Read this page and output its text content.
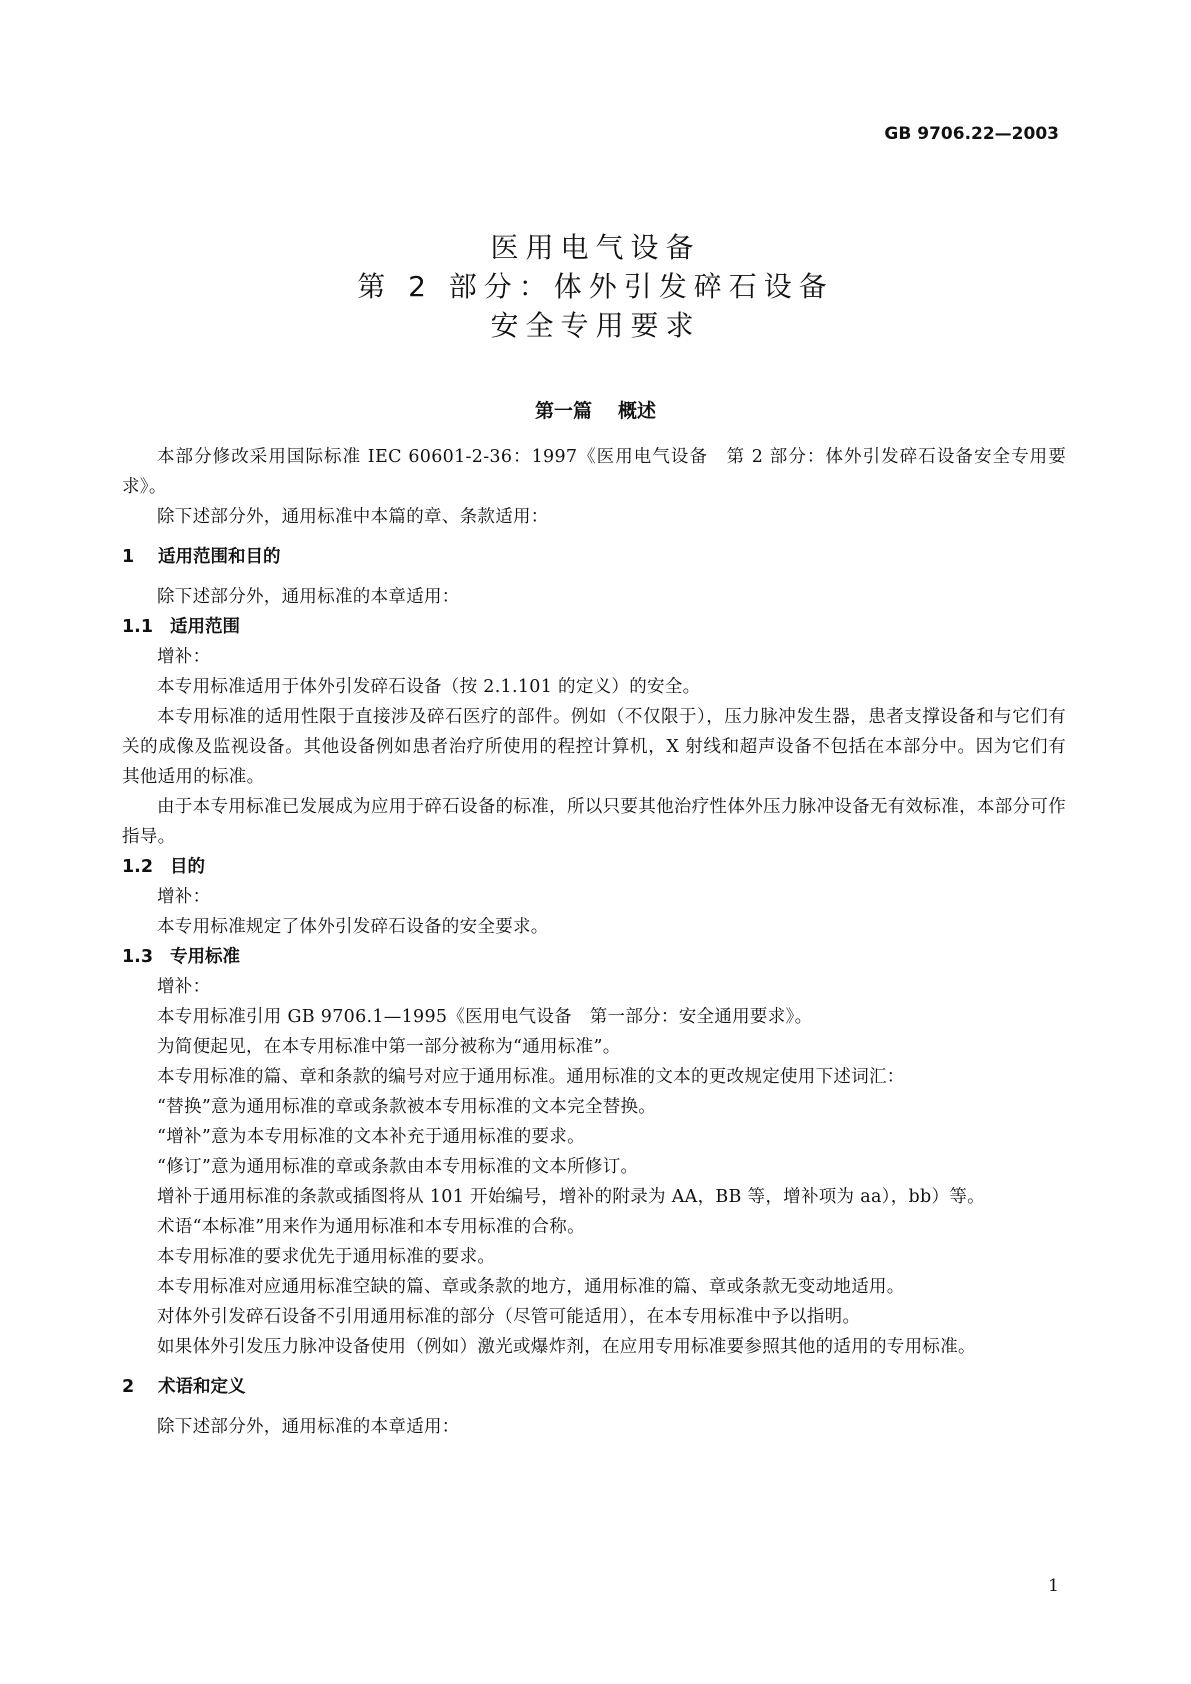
GB 9706.22—2003
医用电气设备
第 2 部分：体外引发碎石设备
安全专用要求
第一篇 概述

本部分修改采用国际标准 IEC 60601-2-36：1997《医用电气设备　第 2 部分：体外引发碎石设备安全专用要求》。

除下述部分外，通用标准中本篇的章、条款适用：

1 适用范围和目的
除下述部分外，通用标准的本章适用：
1.1 适用范围
增补：

本专用标准适用于体外引发碎石设备（按 2.1.101 的定义）的安全。

本专用标准的适用性限于直接涉及碎石医疗的部件。例如（不仅限于），压力脉冲发生器，患者支撑设备和与它们有关的成像及监视设备。其他设备例如患者治疗所使用的程控计算机，X 射线和超声设备不包括在本部分中。因为它们有其他适用的标准。

由于本专用标准已发展成为应用于碎石设备的标准，所以只要其他治疗性体外压力脉冲设备无有效标准，本部分可作指导。

1.2 目的
增补：

本专用标准规定了体外引发碎石设备的安全要求。

1.3 专用标准
增补：

本专用标准引用 GB 9706.1—1995《医用电气设备　第一部分：安全通用要求》。

为简便起见，在本专用标准中第一部分被称为“通用标准”。

本专用标准的篇、章和条款的编号对应于通用标准。通用标准的文本的更改规定使用下述词汇：

“替换”意为通用标准的章或条款被本专用标准的文本完全替换。

“增补”意为本专用标准的文本补充于通用标准的要求。

“修订”意为通用标准的章或条款由本专用标准的文本所修订。

增补于通用标准的条款或插图将从 101 开始编号，增补的附录为 AA，BB 等，增补项为 aa），bb）等。

术语“本标准”用来作为通用标准和本专用标准的合称。

本专用标准的要求优先于通用标准的要求。

本专用标准对应通用标准空缺的篇、章或条款的地方，通用标准的篇、章或条款无变动地适用。

对体外引发碎石设备不引用通用标准的部分（尽管可能适用），在本专用标准中予以指明。

如果体外引发压力脉冲设备使用（例如）激光或爆炸剂，在应用专用标准要参照其他的适用的专用标准。

2 术语和定义
除下述部分外，通用标准的本章适用：
1
